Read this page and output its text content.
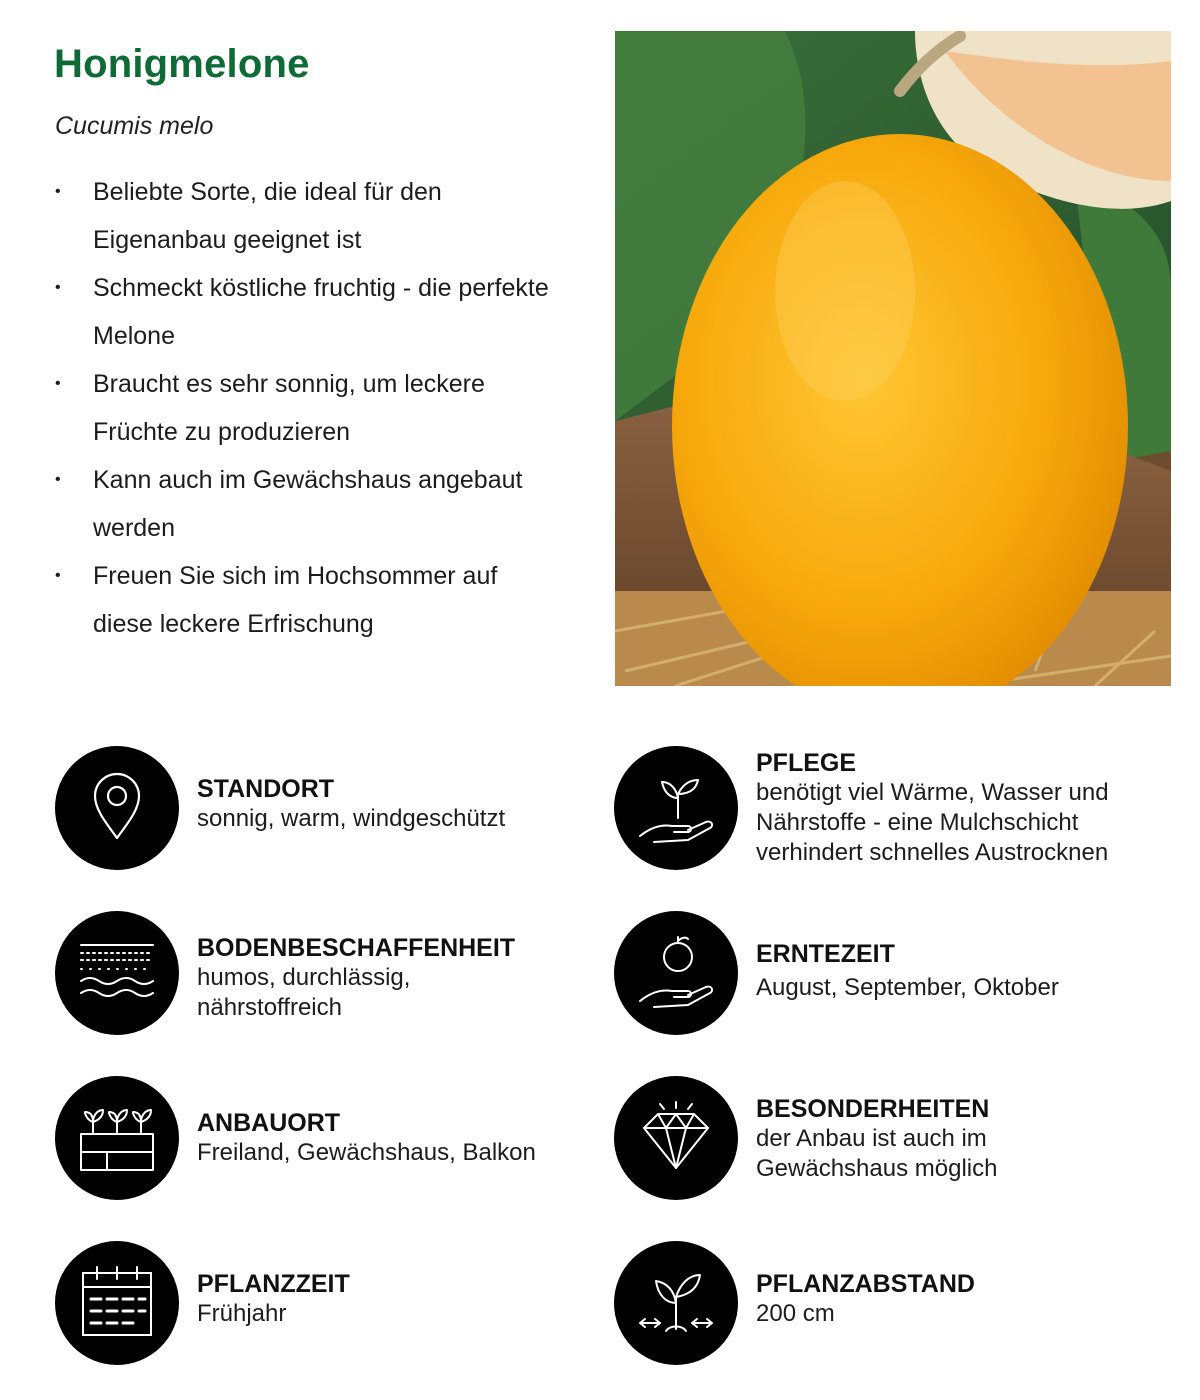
Honigmelone
Cucumis melo
• Beliebte Sorte, die ideal für den Eigenanbau geeignet ist
• Schmeckt köstliche fruchtig - die perfekte Melone
• Braucht es sehr sonnig, um leckere Früchte zu produzieren
• Kann auch im Gewächshaus angebaut werden
• Freuen Sie sich im Hochsommer auf diese leckere Erfrischung
STANDORT
sonnig, warm, windgeschützt
BODENBESCHAFFENHEIT
humos, durchlässig, nährstoffreich
ANBAUORT
Freiland, Gewächshaus, Balkon
PFLANZZEIT
Frühjahr
PFLEGE
benötigt viel Wärme, Wasser und Nährstoffe - eine Mulchschicht verhindert schnelles Austrocknen
ERNTEZEIT
August, September, Oktober
BESONDERHEITEN
der Anbau ist auch im Gewächshaus möglich
PFLANZABSTAND
200 cm
